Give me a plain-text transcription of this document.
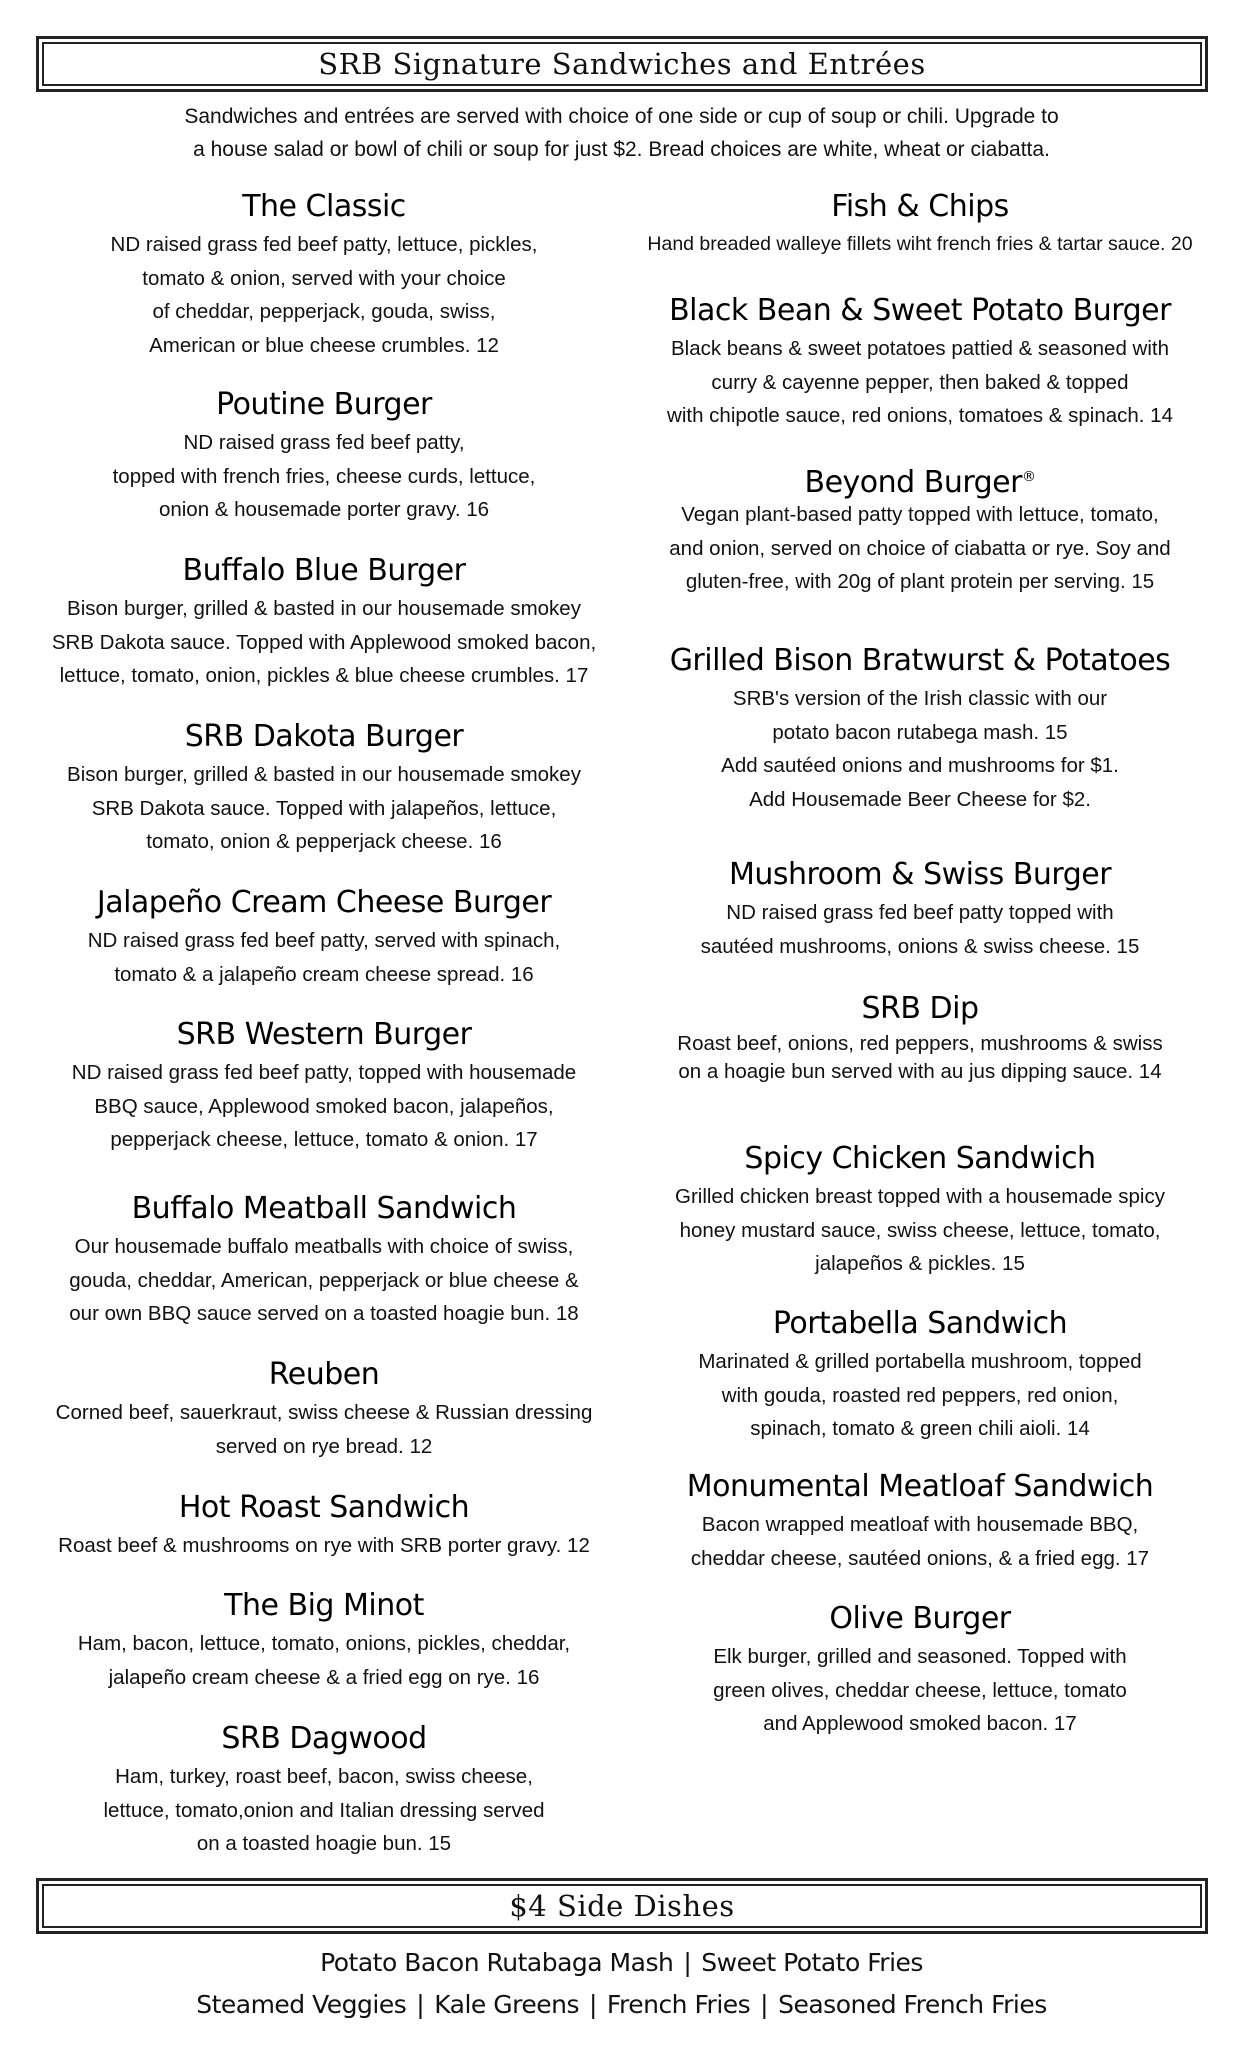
SRB Signature Sandwiches and Entrées
Sandwiches and entrées are served with choice of one side or cup of soup or chili. Upgrade to
a house salad or bowl of chili or soup for just $2. Bread choices are white, wheat or ciabatta.
The Classic
ND raised grass fed beef patty, lettuce, pickles,
tomato & onion, served with your choice
of cheddar, pepperjack, gouda, swiss,
American or blue cheese crumbles. 12
Poutine Burger
ND raised grass fed beef patty,
topped with french fries, cheese curds, lettuce,
onion & housemade porter gravy. 16
Buffalo Blue Burger
Bison burger, grilled & basted in our housemade smokey
SRB Dakota sauce. Topped with Applewood smoked bacon,
lettuce, tomato, onion, pickles & blue cheese crumbles. 17
SRB Dakota Burger
Bison burger, grilled & basted in our housemade smokey
SRB Dakota sauce. Topped with jalapeños, lettuce,
tomato, onion & pepperjack cheese. 16
Jalapeño Cream Cheese Burger
ND raised grass fed beef patty, served with spinach,
tomato & a jalapeño cream cheese spread. 16
SRB Western Burger
ND raised grass fed beef patty, topped with housemade
BBQ sauce, Applewood smoked bacon, jalapeños,
pepperjack cheese, lettuce, tomato & onion. 17
Buffalo Meatball Sandwich
Our housemade buffalo meatballs with choice of swiss,
gouda, cheddar, American, pepperjack or blue cheese &
our own BBQ sauce served on a toasted hoagie bun. 18
Reuben
Corned beef, sauerkraut, swiss cheese & Russian dressing
served on rye bread. 12
Hot Roast Sandwich
Roast beef & mushrooms on rye with SRB porter gravy. 12
The Big Minot
Ham, bacon, lettuce, tomato, onions, pickles, cheddar,
jalapeño cream cheese & a fried egg on rye. 16
SRB Dagwood
Ham, turkey, roast beef, bacon, swiss cheese,
lettuce, tomato,onion and Italian dressing served
on a toasted hoagie bun. 15
Fish & Chips
Hand breaded walleye fillets wiht french fries & tartar sauce. 20
Black Bean & Sweet Potato Burger
Black beans & sweet potatoes pattied & seasoned with
curry & cayenne pepper, then baked & topped
with chipotle sauce, red onions, tomatoes & spinach. 14
Beyond Burger®
Vegan plant-based patty topped with lettuce, tomato,
and onion, served on choice of ciabatta or rye. Soy and
gluten-free, with 20g of plant protein per serving. 15
Grilled Bison Bratwurst & Potatoes
SRB's version of the Irish classic with our
potato bacon rutabega mash. 15
Add sautéed onions and mushrooms for $1.
Add Housemade Beer Cheese for $2.
Mushroom & Swiss Burger
ND raised grass fed beef patty topped with
sautéed mushrooms, onions & swiss cheese. 15
SRB Dip
Roast beef, onions, red peppers, mushrooms & swiss
on a hoagie bun served with au jus dipping sauce. 14
Spicy Chicken Sandwich
Grilled chicken breast topped with a housemade spicy
honey mustard sauce, swiss cheese, lettuce, tomato,
jalapeños & pickles. 15
Portabella Sandwich
Marinated & grilled portabella mushroom, topped
with gouda, roasted red peppers, red onion,
spinach, tomato & green chili aioli. 14
Monumental Meatloaf Sandwich
Bacon wrapped meatloaf with housemade BBQ,
cheddar cheese, sautéed onions, & a fried egg. 17
Olive Burger
Elk burger, grilled and seasoned. Topped with
green olives, cheddar cheese, lettuce, tomato
and Applewood smoked bacon. 17
$4 Side Dishes
Potato Bacon Rutabaga Mash | Sweet Potato Fries
Steamed Veggies | Kale Greens | French Fries | Seasoned French Fries
